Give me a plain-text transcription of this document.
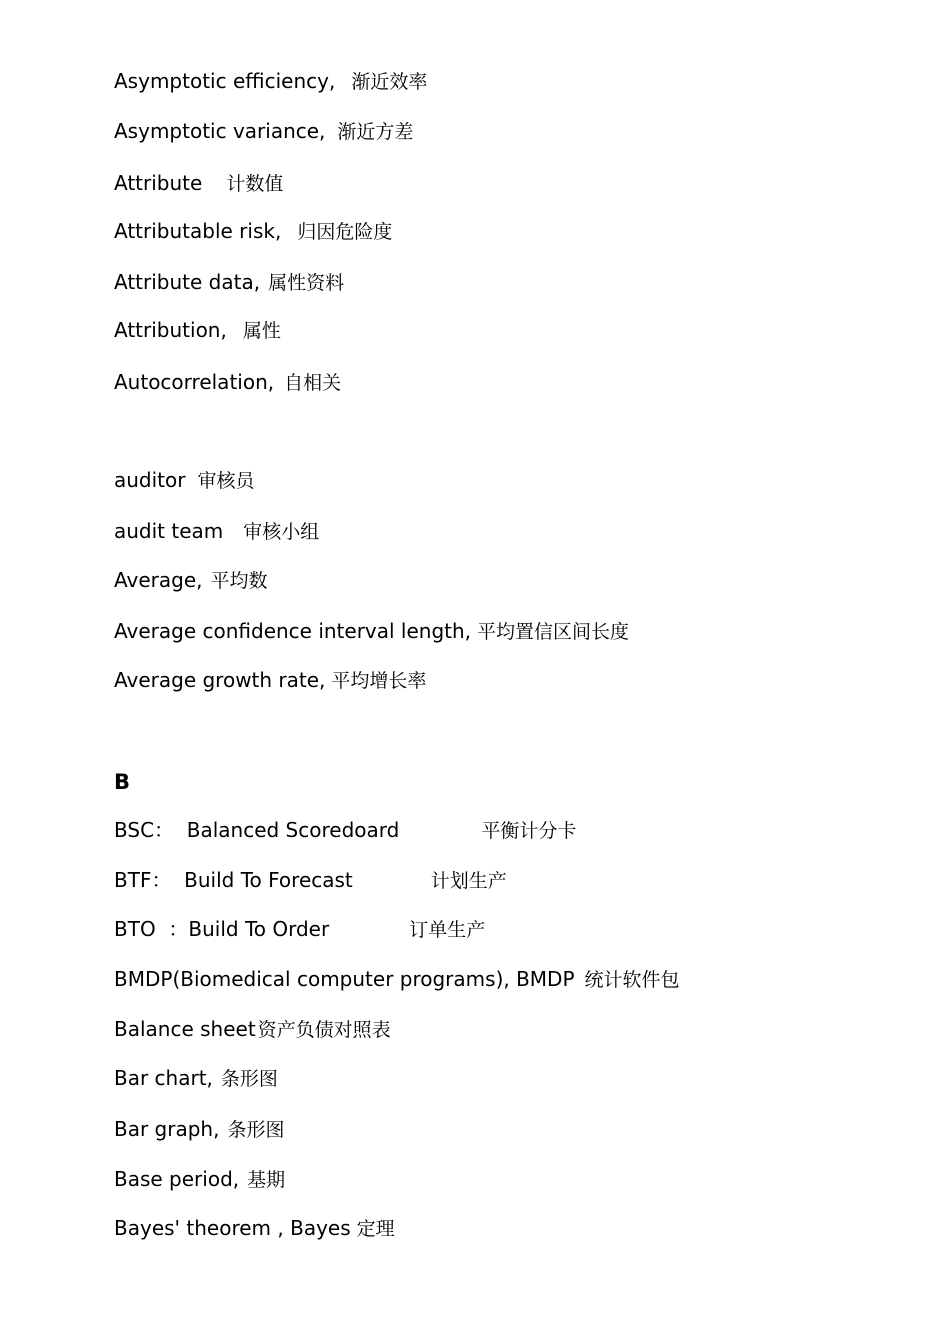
Asymptotic efficiency, 渐近效率

Asymptotic variance, 渐近方差

Attribute 计数值

Attributable risk, 归因危险度

Attribute data, 属性资料

Attribution, 属性

Autocorrelation, 自相关

auditor 审核员

audit team 审核小组

Average, 平均数

Average confidence interval length, 平均置信区间长度

Average growth rate, 平均增长率

B

BSC：  Balanced Scoredoard	平衡计分卡

BTF：  Build To Forecast	计划生产

BTO  ：Build To Order	订单生产

BMDP(Biomedical computer programs), BMDP 统计软件包

Balance sheet 资产负债对照表

Bar chart, 条形图

Bar graph, 条形图

Base period, 基期

Bayes' theorem , Bayes 定理
